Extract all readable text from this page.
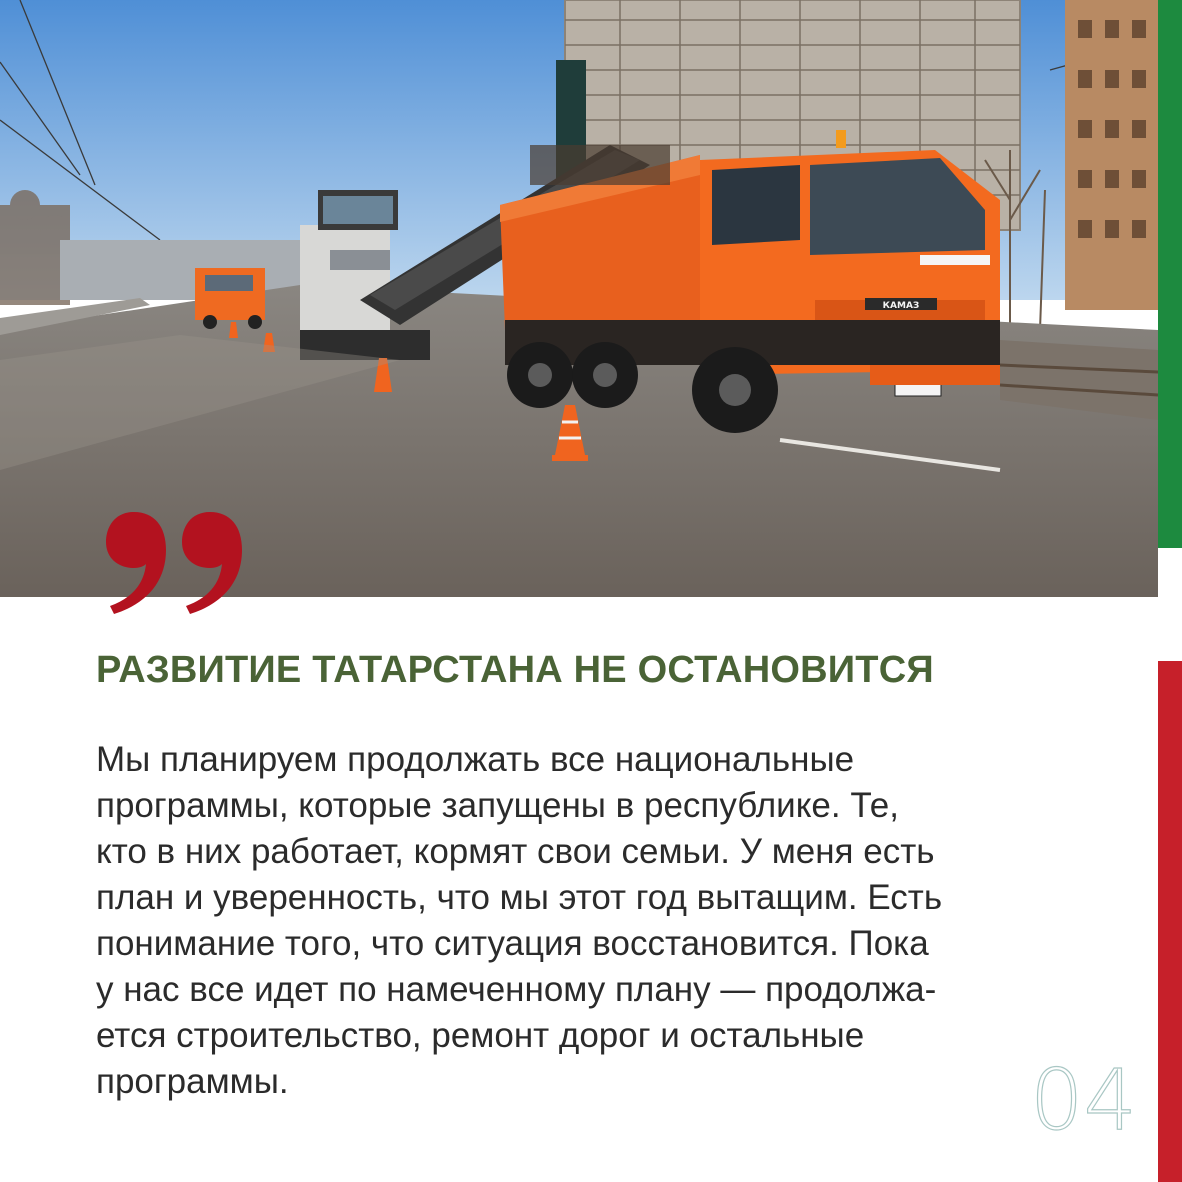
КАМАЗ
РАЗВИТИЕ ТАТАРСТАНА НЕ ОСТАНОВИТСЯ

Мы планируем продолжать все национальные
программы, которые запущены в республике. Те,
кто в них работает, кормят свои семьи. У меня есть
план и уверенность, что мы этот год вытащим. Есть
понимание того, что ситуация восстановится. Пока
у нас все идет по намеченному плану — продолжа-
ется строительство, ремонт дорог и остальные
программы.	04
